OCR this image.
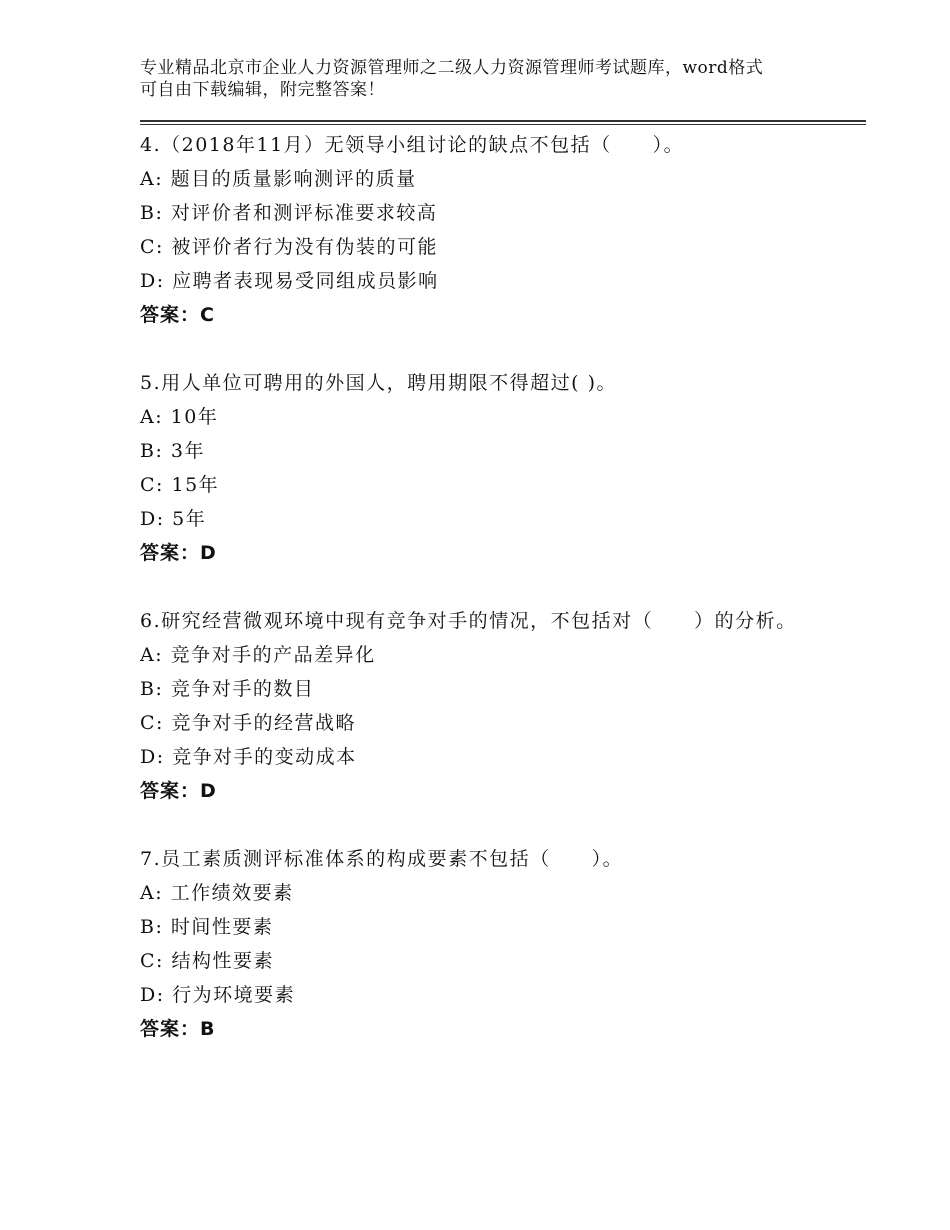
专业精品北京市企业人力资源管理师之二级人力资源管理师考试题库，word格式
可自由下载编辑，附完整答案！
4.（2018年11月）无领导小组讨论的缺点不包括（　　）。
A: 题目的质量影响测评的质量
B: 对评价者和测评标准要求较高
C: 被评价者行为没有伪装的可能
D: 应聘者表现易受同组成员影响
答案：C
5.用人单位可聘用的外国人，聘用期限不得超过( )。
A: 10年
B: 3年
C: 15年
D: 5年
答案：D
6.研究经营微观环境中现有竞争对手的情况，不包括对（　　）的分析。
A: 竞争对手的产品差异化
B: 竞争对手的数目
C: 竞争对手的经营战略
D: 竞争对手的变动成本
答案：D
7.员工素质测评标准体系的构成要素不包括（　　）。
A: 工作绩效要素
B: 时间性要素
C: 结构性要素
D: 行为环境要素
答案：B
